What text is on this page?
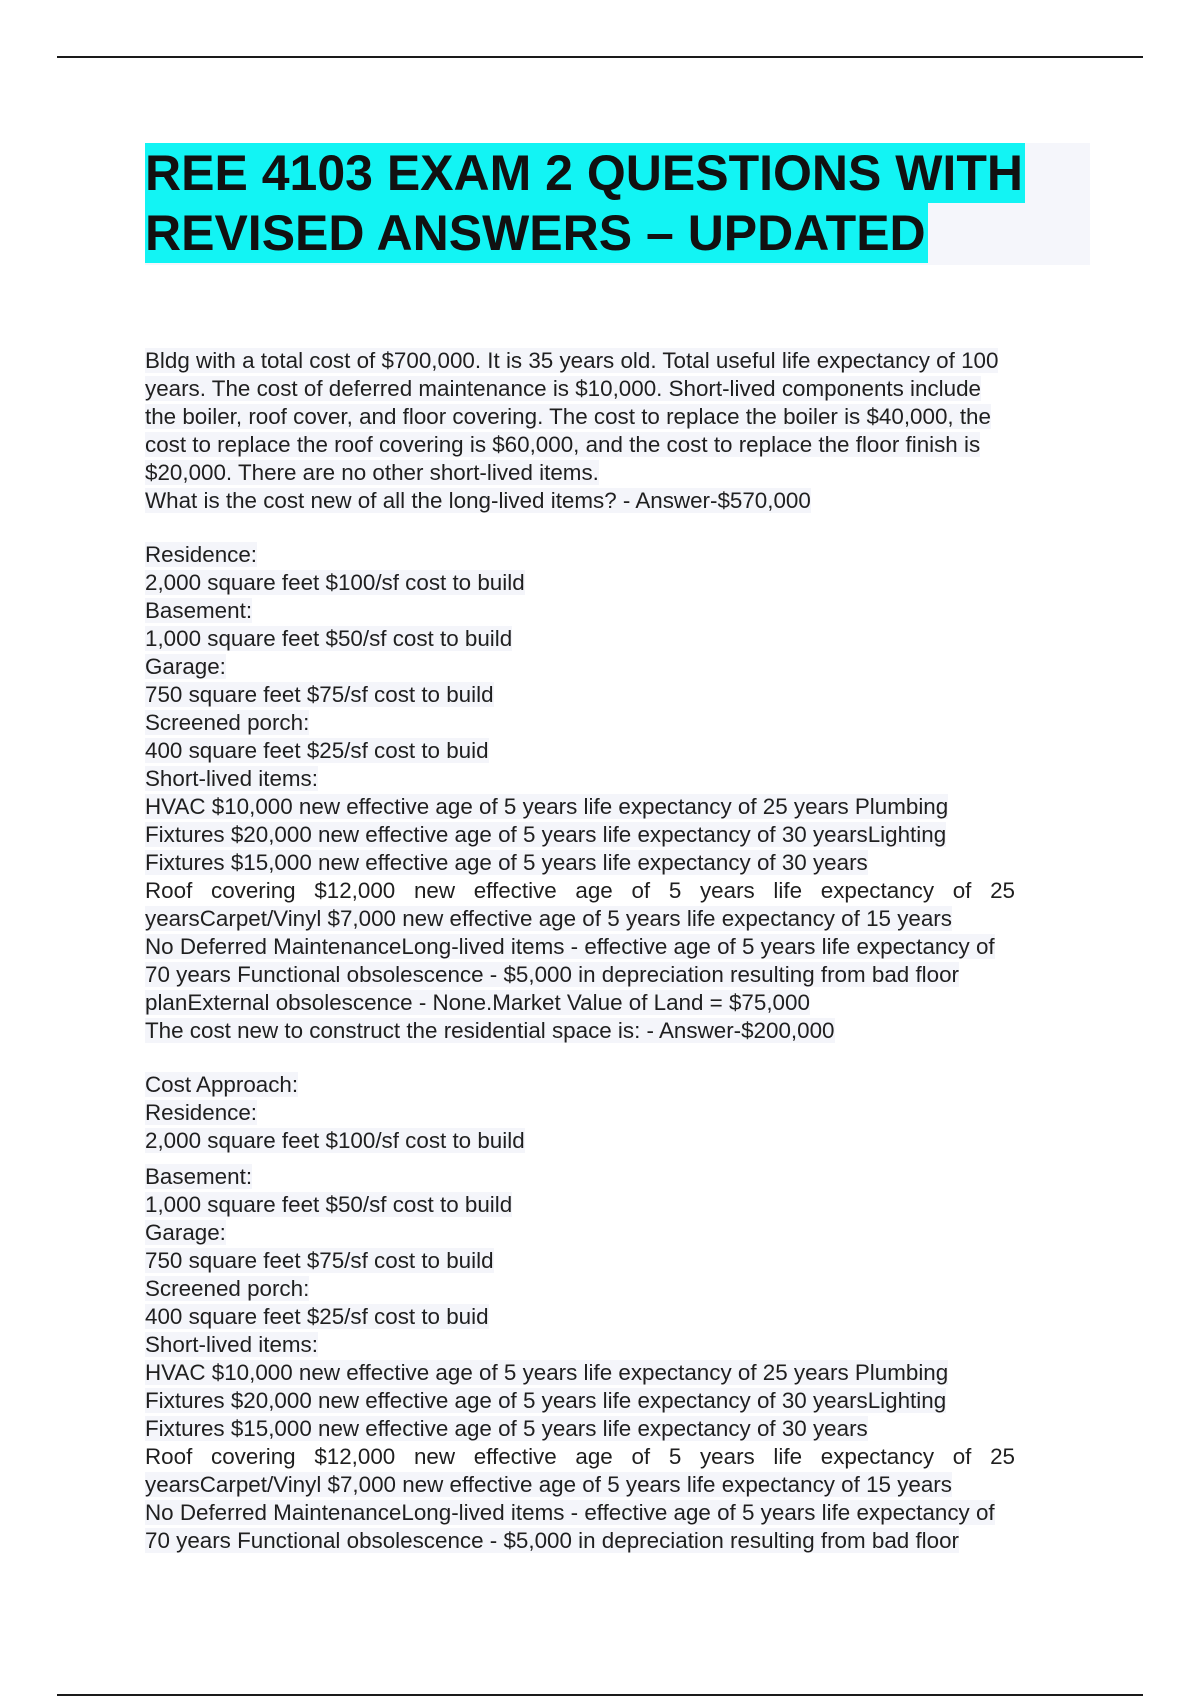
REE 4103 EXAM 2 QUESTIONS WITH
REVISED ANSWERS – UPDATED
Bldg with a total cost of $700,000. It is 35 years old. Total useful life expectancy of 100
years. The cost of deferred maintenance is $10,000. Short-lived components include
the boiler, roof cover, and floor covering. The cost to replace the boiler is $40,000, the
cost to replace the roof covering is $60,000, and the cost to replace the floor finish is
$20,000. There are no other short-lived items.
What is the cost new of all the long-lived items? - Answer-$570,000
Residence:
2,000 square feet $100/sf cost to build
Basement:
1,000 square feet $50/sf cost to build
Garage:
750 square feet $75/sf cost to build
Screened porch:
400 square feet $25/sf cost to buid
Short-lived items:
HVAC $10,000 new effective age of 5 years life expectancy of 25 years Plumbing
Fixtures $20,000 new effective age of 5 years life expectancy of 30 yearsLighting
Fixtures $15,000 new effective age of 5 years life expectancy of 30 years
Roof covering $12,000 new effective age of 5 years life expectancy of 25
yearsCarpet/Vinyl $7,000 new effective age of 5 years life expectancy of 15 years
No Deferred MaintenanceLong-lived items - effective age of 5 years life expectancy of
70 years Functional obsolescence - $5,000 in depreciation resulting from bad floor
planExternal obsolescence - None.Market Value of Land = $75,000
The cost new to construct the residential space is: - Answer-$200,000
Cost Approach:
Residence:
2,000 square feet $100/sf cost to build
Basement:
1,000 square feet $50/sf cost to build
Garage:
750 square feet $75/sf cost to build
Screened porch:
400 square feet $25/sf cost to buid
Short-lived items:
HVAC $10,000 new effective age of 5 years life expectancy of 25 years Plumbing
Fixtures $20,000 new effective age of 5 years life expectancy of 30 yearsLighting
Fixtures $15,000 new effective age of 5 years life expectancy of 30 years
Roof covering $12,000 new effective age of 5 years life expectancy of 25
yearsCarpet/Vinyl $7,000 new effective age of 5 years life expectancy of 15 years
No Deferred MaintenanceLong-lived items - effective age of 5 years life expectancy of
70 years Functional obsolescence - $5,000 in depreciation resulting from bad floor
